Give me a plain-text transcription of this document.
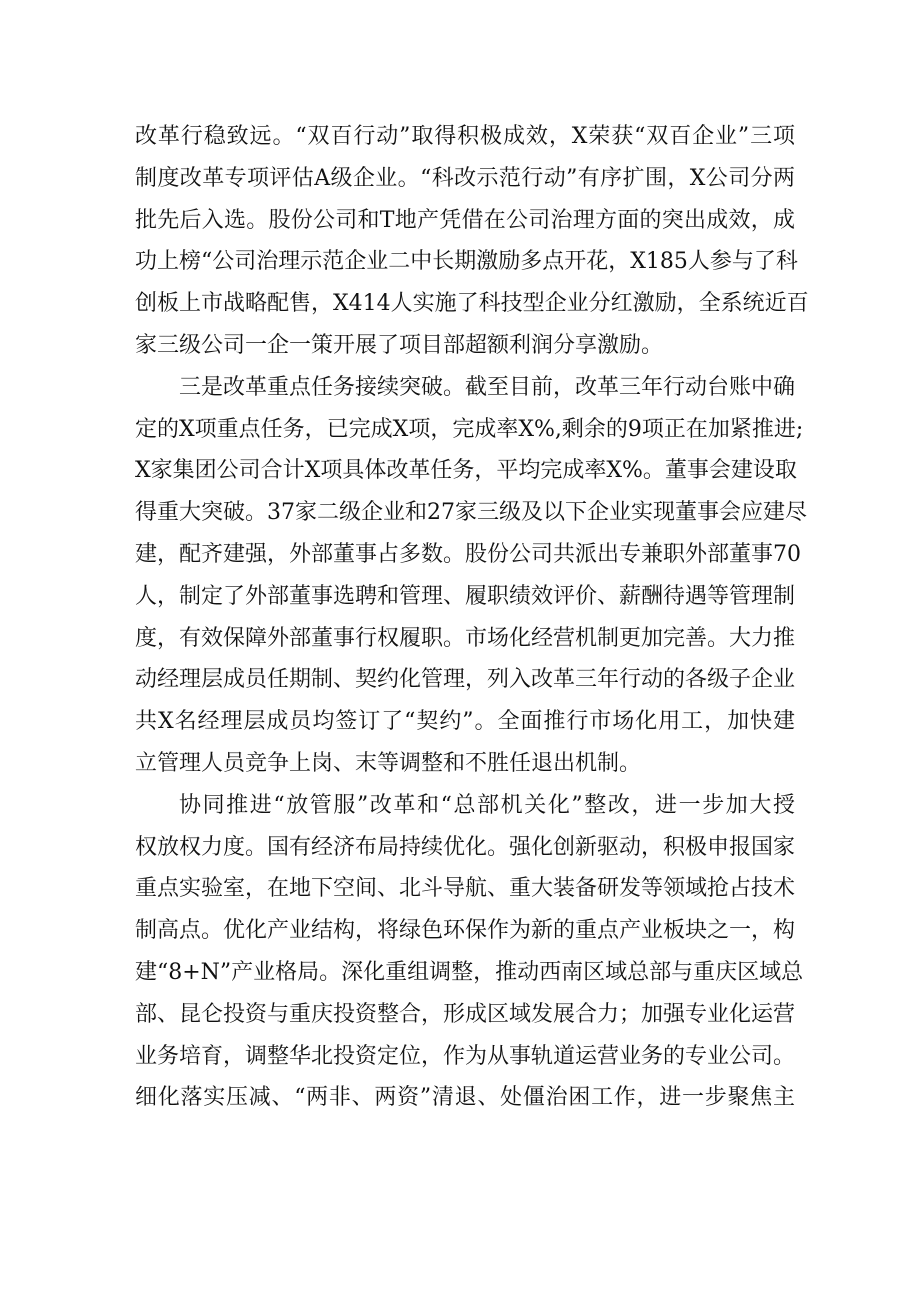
改革行稳致远。“双百行动”取得积极成效，X荣获“双百企业”三项
制度改革专项评估A级企业。“科改示范行动”有序扩围，X公司分两
批先后入选。股份公司和T地产凭借在公司治理方面的突出成效，成
功上榜“公司治理示范企业二中长期激励多点开花，X185人参与了科
创板上市战略配售，X414人实施了科技型企业分红激励，全系统近百
家三级公司一企一策开展了项目部超额利润分享激励。
三是改革重点任务接续突破。截至目前，改革三年行动台账中确
定的X项重点任务，已完成X项，完成率X%,剩余的9项正在加紧推进;
X家集团公司合计X项具体改革任务，平均完成率X%。董事会建设取
得重大突破。37家二级企业和27家三级及以下企业实现董事会应建尽
建，配齐建强，外部董事占多数。股份公司共派出专兼职外部董事70
人，制定了外部董事选聘和管理、履职绩效评价、薪酬待遇等管理制
度，有效保障外部董事行权履职。市场化经营机制更加完善。大力推
动经理层成员任期制、契约化管理，列入改革三年行动的各级子企业
共X名经理层成员均签订了“契约”。全面推行市场化用工，加快建
立管理人员竞争上岗、末等调整和不胜任退出机制。
协同推进“放管服”改革和“总部机关化”整改，进一步加大授
权放权力度。国有经济布局持续优化。强化创新驱动，积极申报国家
重点实验室，在地下空间、北斗导航、重大装备研发等领域抢占技术
制高点。优化产业结构，将绿色环保作为新的重点产业板块之一，构
建“8+N”产业格局。深化重组调整，推动西南区域总部与重庆区域总
部、昆仑投资与重庆投资整合，形成区域发展合力；加强专业化运营
业务培育，调整华北投资定位，作为从事轨道运营业务的专业公司。
细化落实压减、“两非、两资”清退、处僵治困工作，进一步聚焦主
